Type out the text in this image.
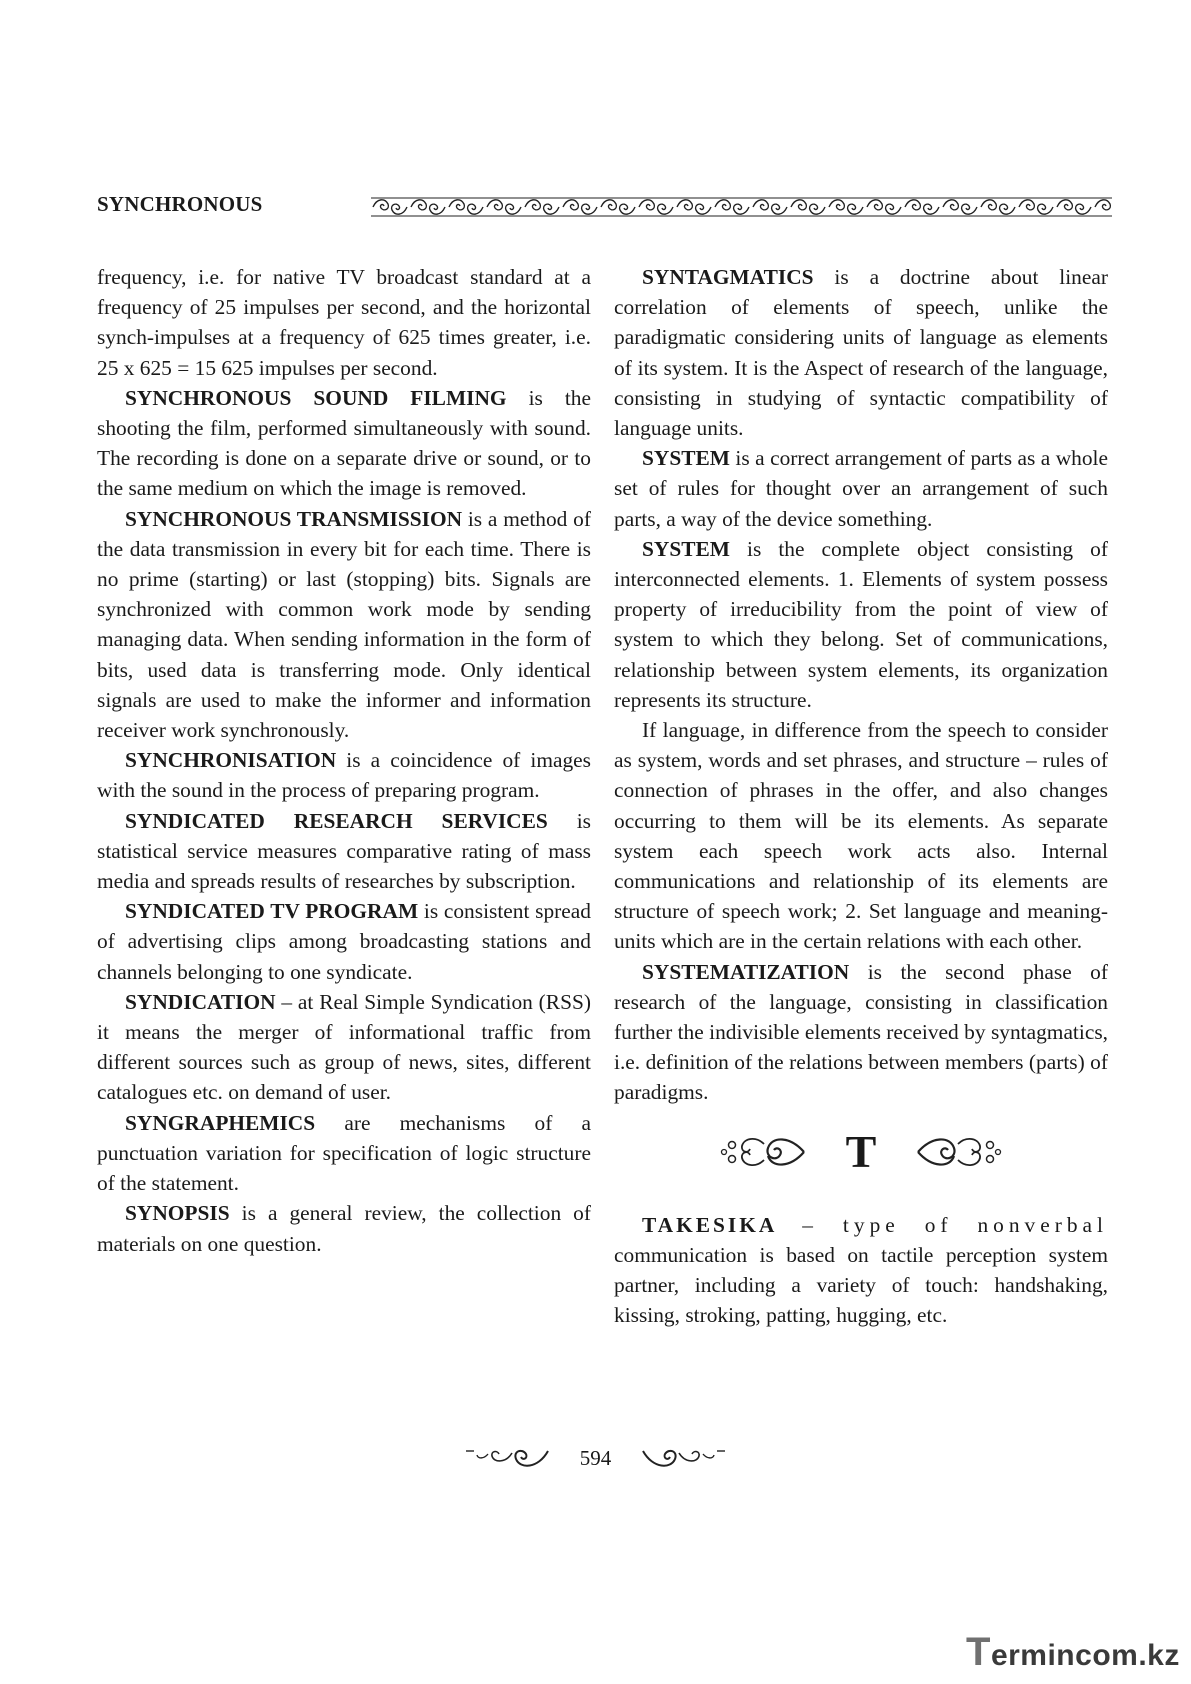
SYNCHRONOUS

frequency, i.e. for native TV broadcast standard at a frequency of 25 impulses per second, and the horizontal synch-impulses at a frequency of 625 times greater, i.e. 25 x 625 = 15 625 impulses per second.

SYNCHRONOUS SOUND FILMING is the shooting the film, performed simultaneously with sound. The recording is done on a separate drive or sound, or to the same medium on which the image is removed.

SYNCHRONOUS TRANSMISSION is a method of the data transmission in every bit for each time. There is no prime (starting) or last (stopping) bits. Signals are synchronized with common work mode by sending managing data. When sending information in the form of bits, used data is transferring mode. Only identical signals are used to make the informer and information receiver work synchronously.

SYNCHRONISATION is a coincidence of images with the sound in the process of preparing program.

SYNDICATED RESEARCH SERVICES is statistical service measures comparative rating of mass media and spreads results of researches by subscription.

SYNDICATED TV PROGRAM is consistent spread of advertising clips among broadcasting stations and channels belonging to one syndicate.

SYNDICATION – at Real Simple Syndication (RSS) it means the merger of informational traffic from different sources such as group of news, sites, different catalogues etc. on demand of user.

SYNGRAPHEMICS are mechanisms of a punctuation variation for specification of logic structure of the statement.

SYNOPSIS is a general review, the collection of materials on one question.

SYNTAGMATICS is a doctrine about linear correlation of elements of speech, unlike the paradigmatic considering units of language as elements of its system. It is the Aspect of research of the language, consisting in studying of syntactic compatibility of language units.

SYSTEM is a correct arrangement of parts as a whole set of rules for thought over an arrangement of such parts, a way of the device something.

SYSTEM is the complete object consisting of interconnected elements. 1. Elements of system possess property of irreducibility from the point of view of system to which they belong. Set of communications, relationship between system elements, its organization represents its structure.

If language, in difference from the speech to consider as system, words and set phrases, and structure – rules of connection of phrases in the offer, and also changes occurring to them will be its elements. As separate system each speech work acts also. Internal communications and relationship of its elements are structure of speech work; 2. Set language and meaning-units which are in the certain relations with each other.

SYSTEMATIZATION is the second phase of research of the language, consisting in classification further the indivisible elements received by syntagmatics, i.e. definition of the relations between members (parts) of paradigms.

T

TAKESIKA – type of nonverbal communication is based on tactile perception system partner, including a variety of touch: handshaking, kissing, stroking, patting, hugging, etc.

594
Termincom.kz
